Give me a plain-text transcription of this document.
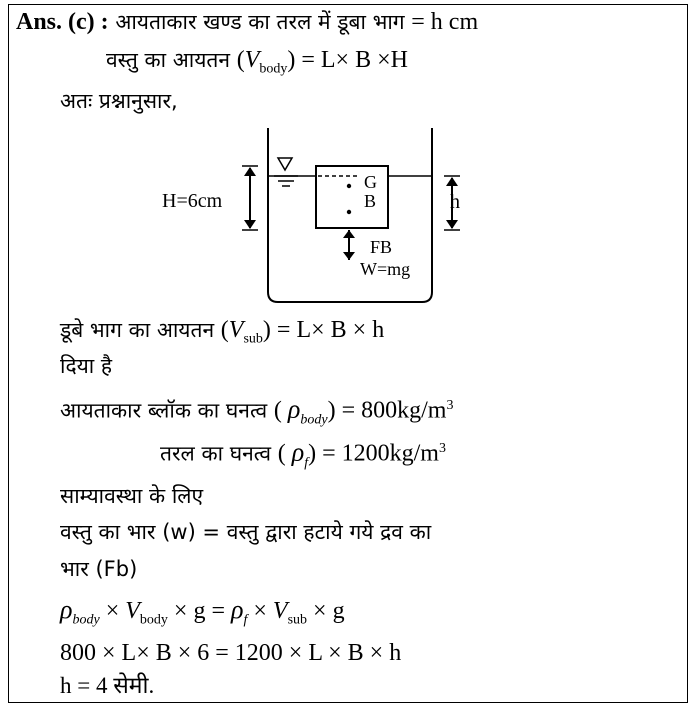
Ans. (c) : आयताकार खण्ड का तरल में डूबा भाग = h cm
वस्तु का आयतन $(V_{body}) = L\times B \times H$
अतः प्रश्नानुसार,
H=6cm
G
B	h
FB
W=mg
डूबे भाग का आयतन $(V_{sub}) = L\times B \times h$
दिया है
आयताकार ब्लॉक का घनत्व ( $\rho_{body}) = 800kg/m^3$
तरल का घनत्व ( $\rho_f) = 1200kg/m^3$
साम्यावस्था के लिए
वस्तु का भार (w) = वस्तु द्वारा हटाये गये द्रव का
भार (Fb)
$\rho_{body} \times V_{body} \times g = \rho_f \times V_{sub} \times g$
800 × L× B × 6 = 1200 × L × B × h
h = 4 सेमी.
